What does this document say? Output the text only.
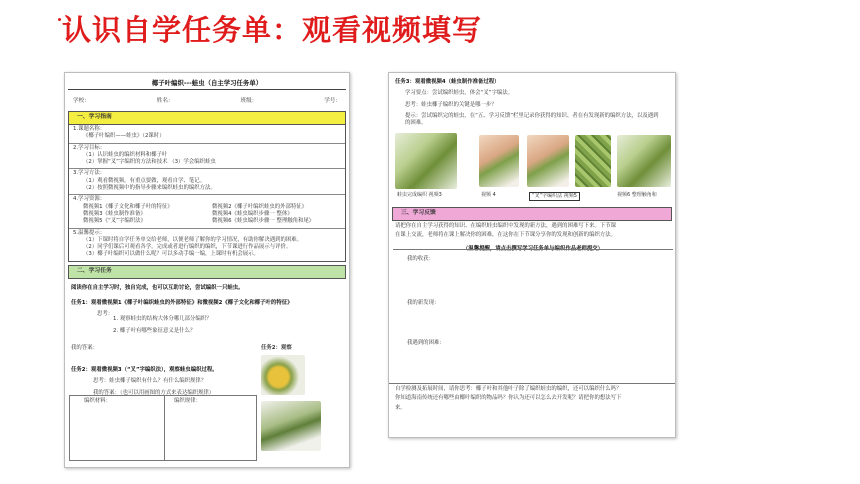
认识自学任务单：观看视频填写
椰子叶编织---蛙虫（自主学习任务单）
学校：	姓名：	班级：	学号：
一、学习指南
1.课题名称：
《椰子叶编织——蛙虫》（2课时）
2.学习目标：
（1）认识蛙虫的编织材料和椰子叶
（2）掌握“叉”字编织的方法和技术 （3）学会编织蛙虫
3.学习方法：
（1）观看微视频，有重点要做，观看自学、笔记。
（2）按照微视频中的指导步骤来编织蛙虫的编织方法。
4.学习资源：
微视频1《椰子文化和椰子叶的特征》	微视频2《椰子叶编织蛙虫的外部特征》
微视频3《蛙虫制作准备》	微视频4《蛙虫编织步骤一 整体》
微视频5《“叉”字编织法》	微视频6《蛙虫编织步骤一 整理触角和尾》
5.温馨提示：
（1）下课时将自学任务单交给老师，以便老师了解你的学习情况，有助你解决遇到的困难。
（2）同学们课后可观看各学，完成或者进行编织的编织，下节课进行作品展示与评价。
（3）椰子叶编织可以做什么呢？可以多动手编一编，上课时有机会展示。
二、学习任务
阅读你在自主学习时，独自完成，也可以互助讨论，尝试编织一只蛙虫。
任务1：观看微视频1《椰子叶编织蛙虫的外部特征》和微视频2《椰子文化和椰子叶的特征》
思考：
1. 观察蛙虫的结构大体分哪几部分编织？
2. 椰子叶有哪些象征意义是什么？
我的答案：	任务2：观察
任务2：观看微视频3（“叉”字编织法），观察蛙虫编织过程。
思考：蛙虫椰子编织有什么？有什么编织规律？
我的答案：（也可以用画图的方式来表达编织规律）
编织材料：	编织规律：
任务3：观看微视频4（蛙虫制作准备过程）
学习要点：尝试编织蛙虫，体会“叉”字编法。
思考：蛙虫椰子编织的关键是哪一步？
提示：尝试编织完的蛙虫，在“五、学习反馈”栏里记录你获得的知识、者在有发现新的编织方法，以及遇到的困难。
蛙虫完成编织 视频3	视频 4	“叉”字编织法 视频5	视频6 整理触角和
三、学习反馈
请把你在自主学习获得的知识、在编织蛙虫编织中发现的新方法，遇到的困难写下来。下节课
在课上交流，老师将在课上解决你的困难，在这你在下节课分享你的发现和创新的编织方法。
（温馨提醒，请点击撰写学习任务单与编织作品老师提交）
我的收获：
我的新发现：
我遇到的困难：
自学检测及拓展时间，请你思考：椰子叶和其他叶子除了编织蛙虫的编织，还可以编织什么吗？
你知道海南传统还有哪些由椰叶编织的物品吗？你认为还可以怎么去开发呢？请把你的想法写下
来。
